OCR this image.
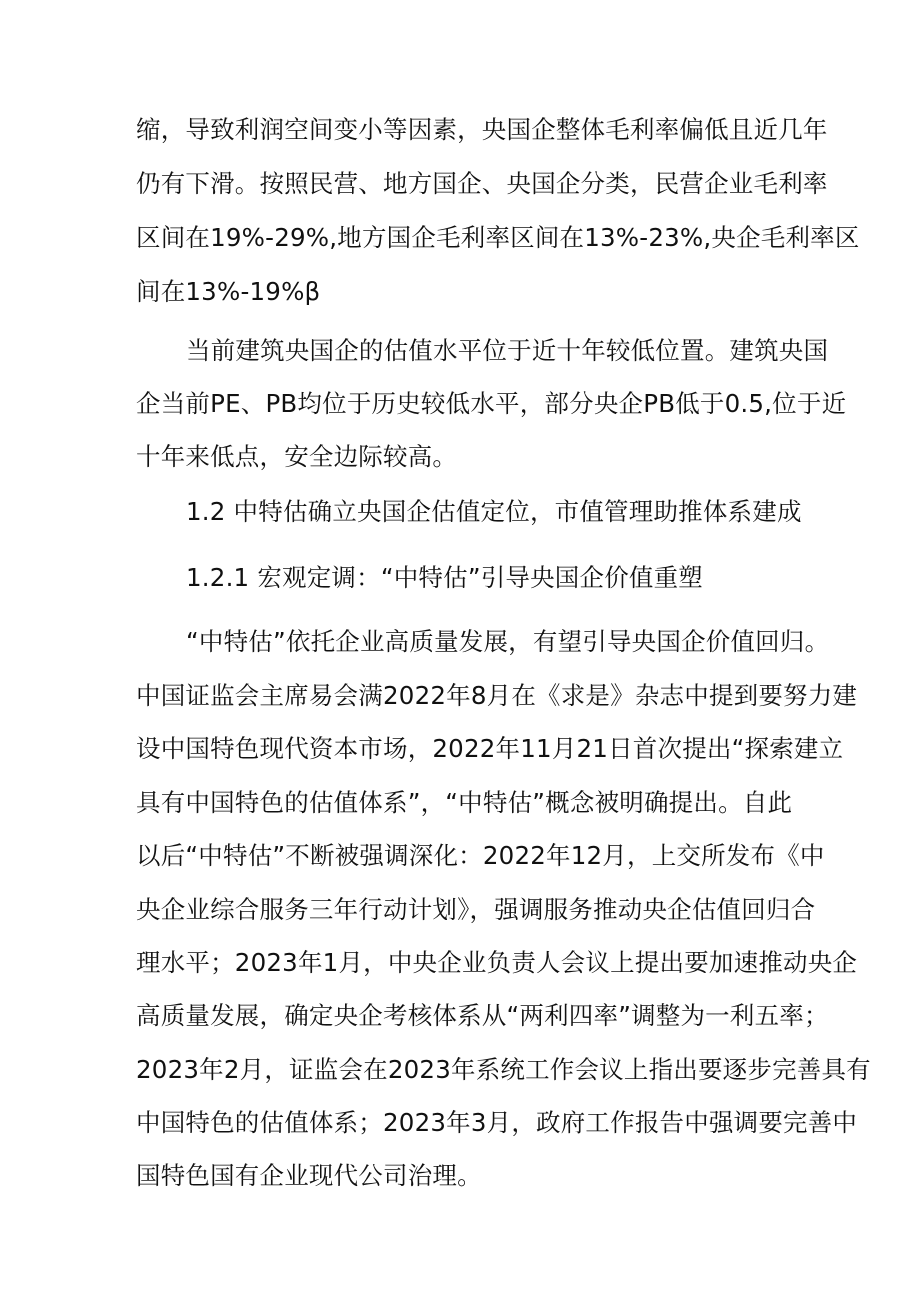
缩，导致利润空间变小等因素，央国企整体毛利率偏低且近几年
仍有下滑。按照民营、地方国企、央国企分类，民营企业毛利率
区间在19%-29%,地方国企毛利率区间在13%-23%,央企毛利率区
间在13%-19%β
当前建筑央国企的估值水平位于近十年较低位置。建筑央国
企当前PE、PB均位于历史较低水平，部分央企PB低于0.5,位于近
十年来低点，安全边际较高。
1.2 中特估确立央国企估值定位，市值管理助推体系建成
1.2.1 宏观定调：“中特估”引导央国企价值重塑
“中特估”依托企业高质量发展，有望引导央国企价值回归。
中国证监会主席易会满2022年8月在《求是》杂志中提到要努力建
设中国特色现代资本市场，2022年11月21日首次提出“探索建立
具有中国特色的估值体系”，“中特估”概念被明确提出。自此
以后“中特估”不断被强调深化：2022年12月，上交所发布《中
央企业综合服务三年行动计划》，强调服务推动央企估值回归合
理水平；2023年1月，中央企业负责人会议上提出要加速推动央企
高质量发展，确定央企考核体系从“两利四率”调整为一利五率；
2023年2月，证监会在2023年系统工作会议上指出要逐步完善具有
中国特色的估值体系；2023年3月，政府工作报告中强调要完善中
国特色国有企业现代公司治理。
